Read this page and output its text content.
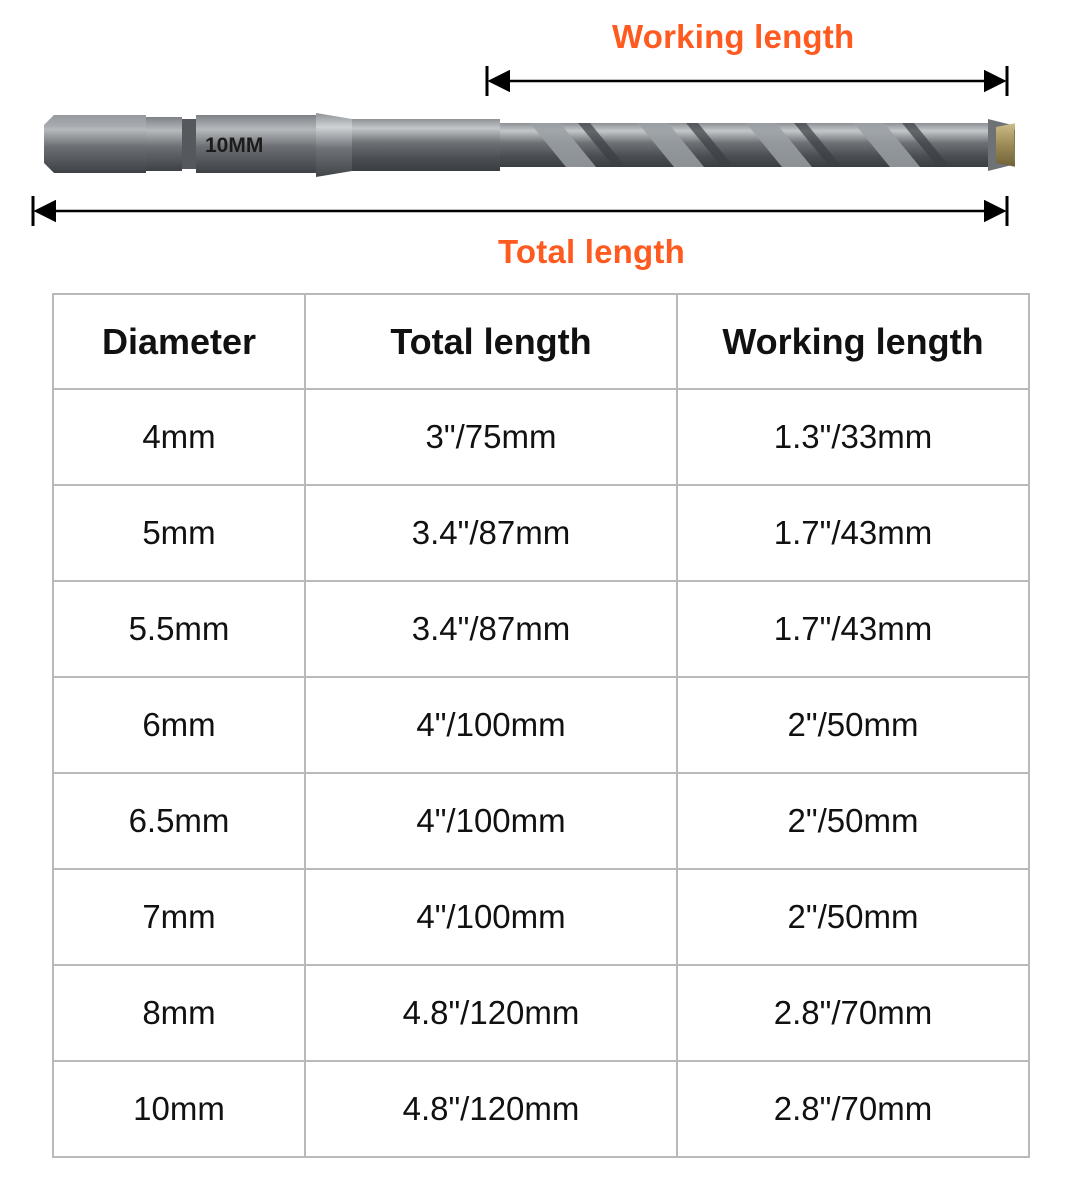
Working length
Total length
10MM
Diameter	Total length	Working length
4mm	3"/75mm	1.3"/33mm
5mm	3.4"/87mm	1.7"/43mm
5.5mm	3.4"/87mm	1.7"/43mm
6mm	4"/100mm	2"/50mm
6.5mm	4"/100mm	2"/50mm
7mm	4"/100mm	2"/50mm
8mm	4.8"/120mm	2.8"/70mm
10mm	4.8"/120mm	2.8"/70mm
